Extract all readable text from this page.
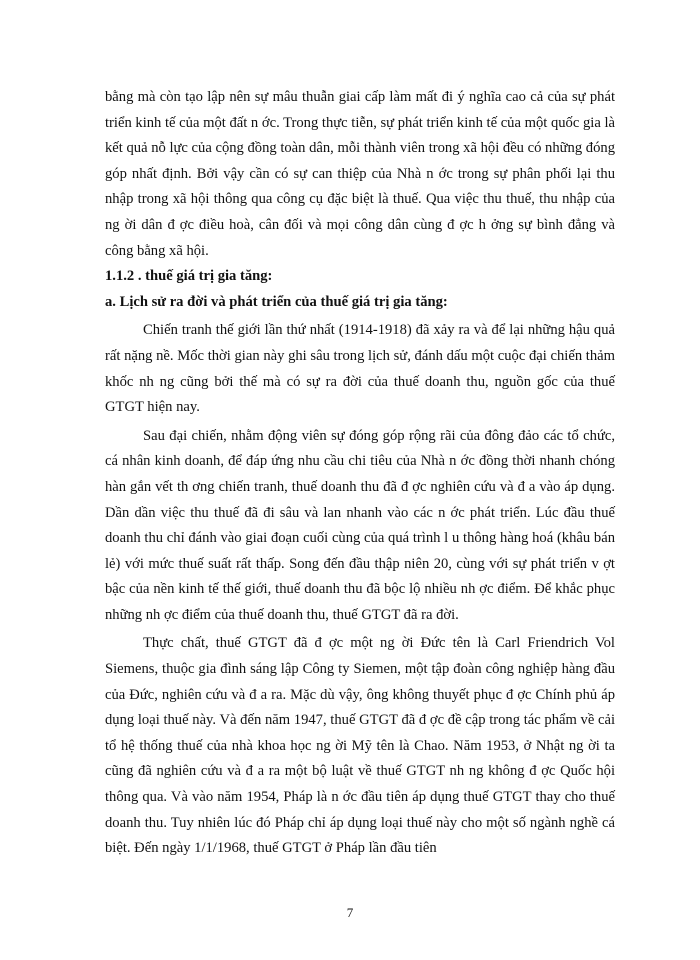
bằng mà còn tạo lập nên sự mâu thuẫn giai cấp làm mất đi ý nghĩa cao cả của sự phát triển kinh tế của một đất n ớc. Trong thực tiễn, sự phát triển kinh tế của một quốc gia là kết quả nỗ lực của cộng đồng toàn dân, mỗi thành viên trong xã hội đều có những đóng góp nhất định. Bởi vậy cần có sự can thiệp của Nhà n ớc trong sự phân phối lại thu nhập trong xã hội thông qua công cụ đặc biệt là thuế. Qua việc thu thuế, thu nhập của ng ời dân đ ợc điều hoà, cân đối và mọi công dân cùng đ ợc h ởng sự bình đẳng và công bằng xã hội.

1.1.2 . thuế giá trị gia tăng:

a. Lịch sử ra đời và phát triển của thuế giá trị gia tăng:

Chiến tranh thế giới lần thứ nhất (1914-1918) đã xảy ra và để lại những hậu quả rất nặng nề. Mốc thời gian này ghi sâu trong lịch sử, đánh dấu một cuộc đại chiến thảm khốc nh ng cũng bởi thế mà có sự ra đời của thuế doanh thu, nguồn gốc của thuế GTGT hiện nay.

Sau đại chiến, nhằm động viên sự đóng góp rộng rãi của đông đảo các tổ chức, cá nhân kinh doanh, để đáp ứng nhu cầu chi tiêu của Nhà n ớc đồng thời nhanh chóng hàn gắn vết th ơng chiến tranh, thuế doanh thu đã đ ợc nghiên cứu và đ a vào áp dụng. Dần dần việc thu thuế đã đi sâu và lan nhanh vào các n ớc phát triển. Lúc đầu thuế doanh thu chỉ đánh vào giai đoạn cuối cùng của quá trình l u thông hàng hoá (khâu bán lẻ) với mức thuế suất rất thấp. Song đến đầu thập niên 20, cùng với sự phát triển v ợt bậc của nền kinh tế thế giới, thuế doanh thu đã bộc lộ nhiều nh ợc điểm. Để khắc phục những nh ợc điểm của thuế doanh thu, thuế GTGT đã ra đời.

Thực chất, thuế GTGT đã đ ợc một ng ời Đức tên là Carl Friendrich Vol Siemens, thuộc gia đình sáng lập Công ty Siemen, một tập đoàn công nghiệp hàng đầu của Đức, nghiên cứu và đ a ra. Mặc dù vậy, ông không thuyết phục đ ợc Chính phủ áp dụng loại thuế này. Và đến năm 1947, thuế GTGT đã đ ợc đề cập trong tác phẩm về cải tổ hệ thống thuế của nhà khoa học ng ời Mỹ tên là Chao. Năm 1953, ở Nhật ng ời ta cũng đã nghiên cứu và đ a ra một bộ luật về thuế GTGT nh ng không đ ợc Quốc hội thông qua. Và vào năm 1954, Pháp là n ớc đầu tiên áp dụng thuế GTGT thay cho thuế doanh thu. Tuy nhiên lúc đó Pháp chỉ áp dụng loại thuế này cho một số ngành nghề cá biệt. Đến ngày 1/1/1968, thuế GTGT ở Pháp lần đầu tiên

7
